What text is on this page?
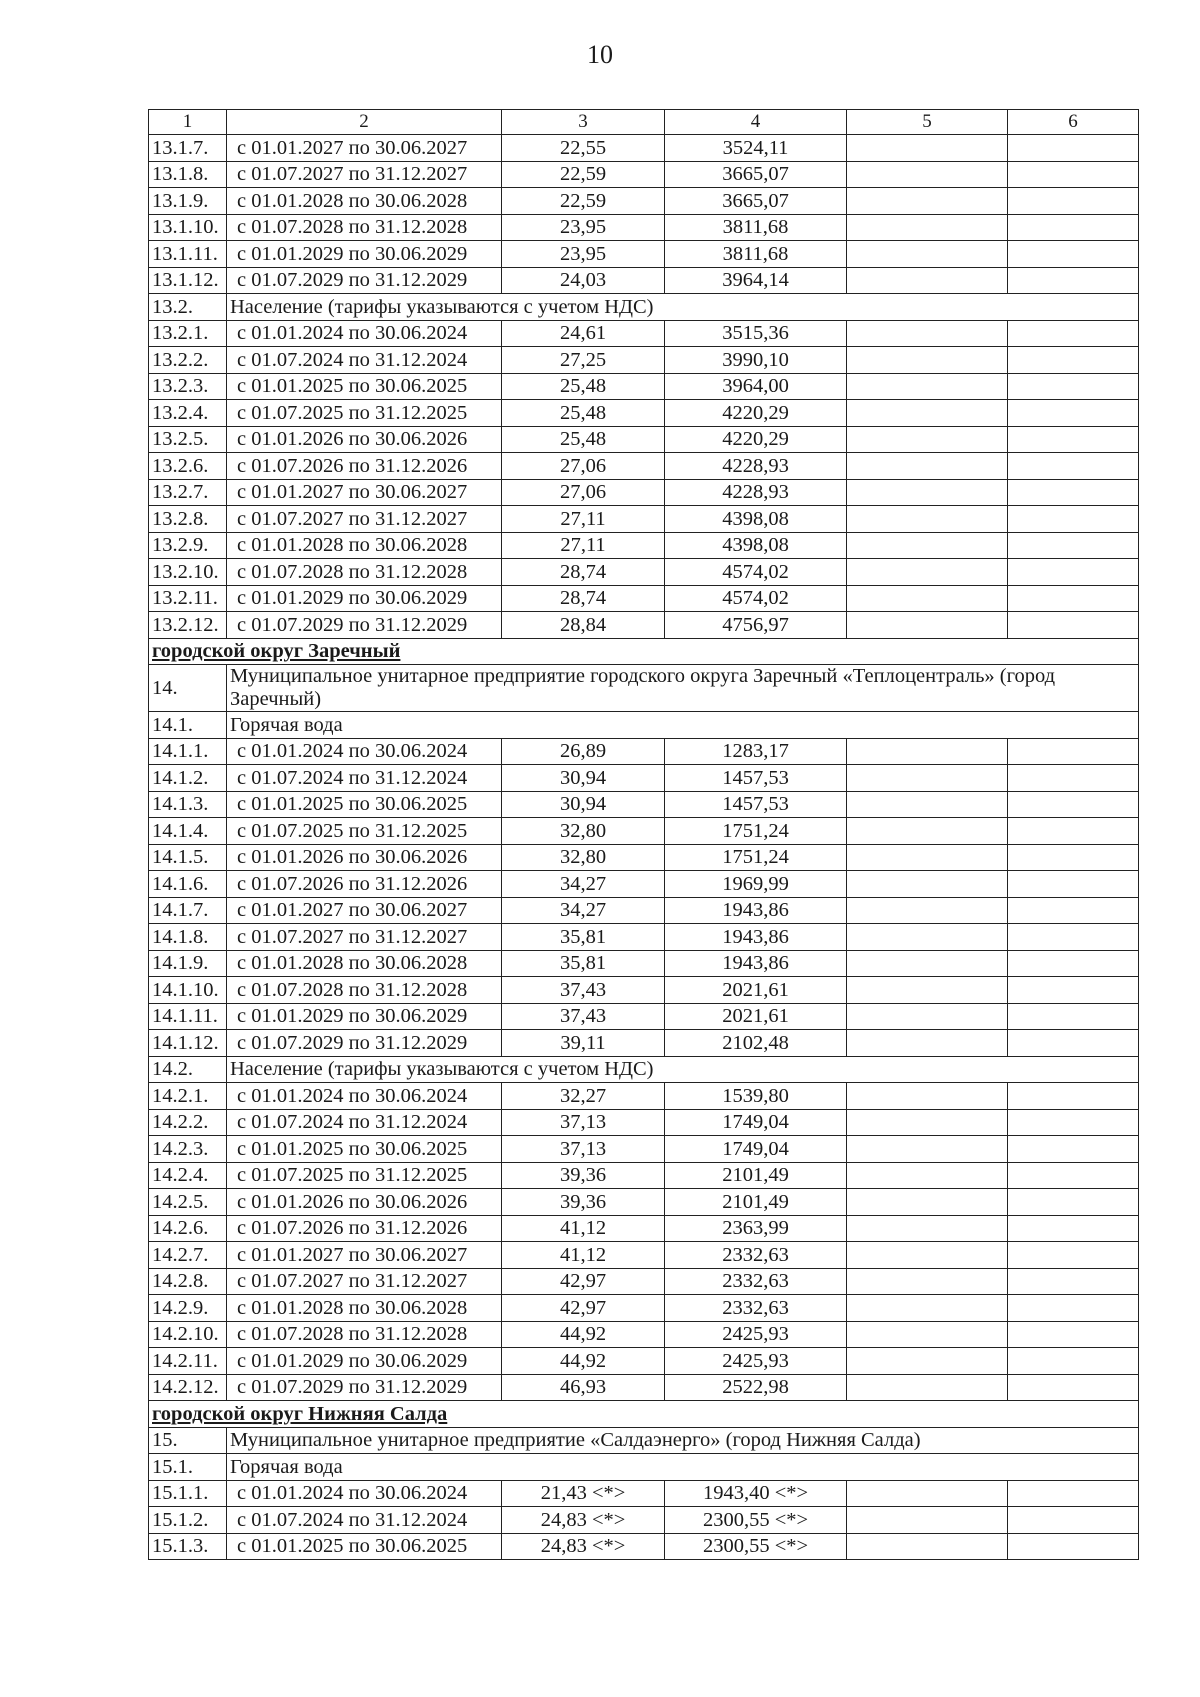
10
1	2	3	4	5	6
13.1.7.	с 01.01.2027 по 30.06.2027	22,55	3524,11		
13.1.8.	с 01.07.2027 по 31.12.2027	22,59	3665,07		
13.1.9.	с 01.01.2028 по 30.06.2028	22,59	3665,07		
13.1.10.	с 01.07.2028 по 31.12.2028	23,95	3811,68		
13.1.11.	с 01.01.2029 по 30.06.2029	23,95	3811,68		
13.1.12.	с 01.07.2029 по 31.12.2029	24,03	3964,14		
13.2.	Население (тарифы указываются с учетом НДС)				
13.2.1.	с 01.01.2024 по 30.06.2024	24,61	3515,36		
13.2.2.	с 01.07.2024 по 31.12.2024	27,25	3990,10		
13.2.3.	с 01.01.2025 по 30.06.2025	25,48	3964,00		
13.2.4.	с 01.07.2025 по 31.12.2025	25,48	4220,29		
13.2.5.	с 01.01.2026 по 30.06.2026	25,48	4220,29		
13.2.6.	с 01.07.2026 по 31.12.2026	27,06	4228,93		
13.2.7.	с 01.01.2027 по 30.06.2027	27,06	4228,93		
13.2.8.	с 01.07.2027 по 31.12.2027	27,11	4398,08		
13.2.9.	с 01.01.2028 по 30.06.2028	27,11	4398,08		
13.2.10.	с 01.07.2028 по 31.12.2028	28,74	4574,02		
13.2.11.	с 01.01.2029 по 30.06.2029	28,74	4574,02		
13.2.12.	с 01.07.2029 по 31.12.2029	28,84	4756,97		
городской округ Заречный					
14.	Муниципальное унитарное предприятие городского округа Заречный «Теплоцентраль» (город Заречный)				
14.1.	Горячая вода				
14.1.1.	с 01.01.2024 по 30.06.2024	26,89	1283,17		
14.1.2.	с 01.07.2024 по 31.12.2024	30,94	1457,53		
14.1.3.	с 01.01.2025 по 30.06.2025	30,94	1457,53		
14.1.4.	с 01.07.2025 по 31.12.2025	32,80	1751,24		
14.1.5.	с 01.01.2026 по 30.06.2026	32,80	1751,24		
14.1.6.	с 01.07.2026 по 31.12.2026	34,27	1969,99		
14.1.7.	с 01.01.2027 по 30.06.2027	34,27	1943,86		
14.1.8.	с 01.07.2027 по 31.12.2027	35,81	1943,86		
14.1.9.	с 01.01.2028 по 30.06.2028	35,81	1943,86		
14.1.10.	с 01.07.2028 по 31.12.2028	37,43	2021,61		
14.1.11.	с 01.01.2029 по 30.06.2029	37,43	2021,61		
14.1.12.	с 01.07.2029 по 31.12.2029	39,11	2102,48		
14.2.	Население (тарифы указываются с учетом НДС)				
14.2.1.	с 01.01.2024 по 30.06.2024	32,27	1539,80		
14.2.2.	с 01.07.2024 по 31.12.2024	37,13	1749,04		
14.2.3.	с 01.01.2025 по 30.06.2025	37,13	1749,04		
14.2.4.	с 01.07.2025 по 31.12.2025	39,36	2101,49		
14.2.5.	с 01.01.2026 по 30.06.2026	39,36	2101,49		
14.2.6.	с 01.07.2026 по 31.12.2026	41,12	2363,99		
14.2.7.	с 01.01.2027 по 30.06.2027	41,12	2332,63		
14.2.8.	с 01.07.2027 по 31.12.2027	42,97	2332,63		
14.2.9.	с 01.01.2028 по 30.06.2028	42,97	2332,63		
14.2.10.	с 01.07.2028 по 31.12.2028	44,92	2425,93		
14.2.11.	с 01.01.2029 по 30.06.2029	44,92	2425,93		
14.2.12.	с 01.07.2029 по 31.12.2029	46,93	2522,98		
городской округ Нижняя Салда					
15.	Муниципальное унитарное предприятие «Салдаэнерго» (город Нижняя Салда)				
15.1.	Горячая вода				
15.1.1.	с 01.01.2024 по 30.06.2024	21,43 <*>	1943,40 <*>		
15.1.2.	с 01.07.2024 по 31.12.2024	24,83 <*>	2300,55 <*>		
15.1.3.	с 01.01.2025 по 30.06.2025	24,83 <*>	2300,55 <*>		
